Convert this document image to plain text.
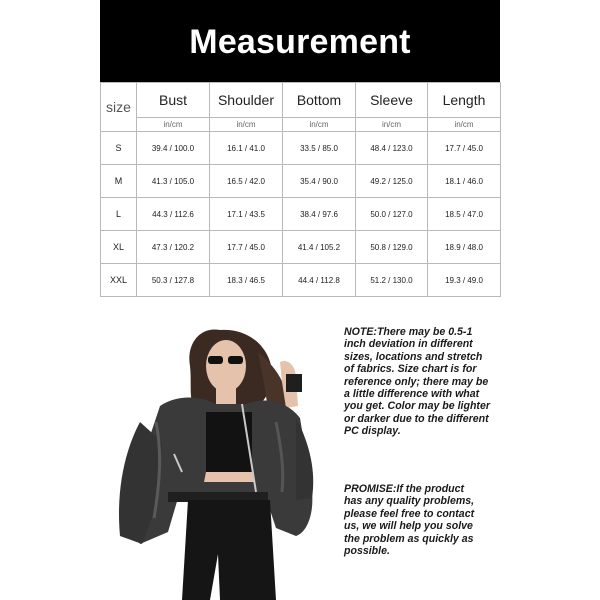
Measurement
size	Bust	Shoulder	Bottom	Sleeve	Length
	in/cm	in/cm	in/cm	in/cm	in/cm
S	39.4 / 100.0	16.1 / 41.0	33.5 / 85.0	48.4 / 123.0	17.7 / 45.0
M	41.3 / 105.0	16.5 / 42.0	35.4 / 90.0	49.2 / 125.0	18.1 / 46.0
L	44.3 / 112.6	17.1 / 43.5	38.4 / 97.6	50.0 / 127.0	18.5 / 47.0
XL	47.3 / 120.2	17.7 / 45.0	41.4 / 105.2	50.8 / 129.0	18.9 / 48.0
XXL	50.3 / 127.8	18.3 / 46.5	44.4 / 112.8	51.2 / 130.0	19.3 / 49.0
NOTE:There may be 0.5-1 inch deviation in different sizes, locations and stretch of fabrics. Size chart is for reference only; there may be a little difference with what you get. Color may be lighter or darker due to the different PC display.
PROMISE:If the product has any quality problems, please feel free to contact us, we will help you solve the problem as quickly as possible.
